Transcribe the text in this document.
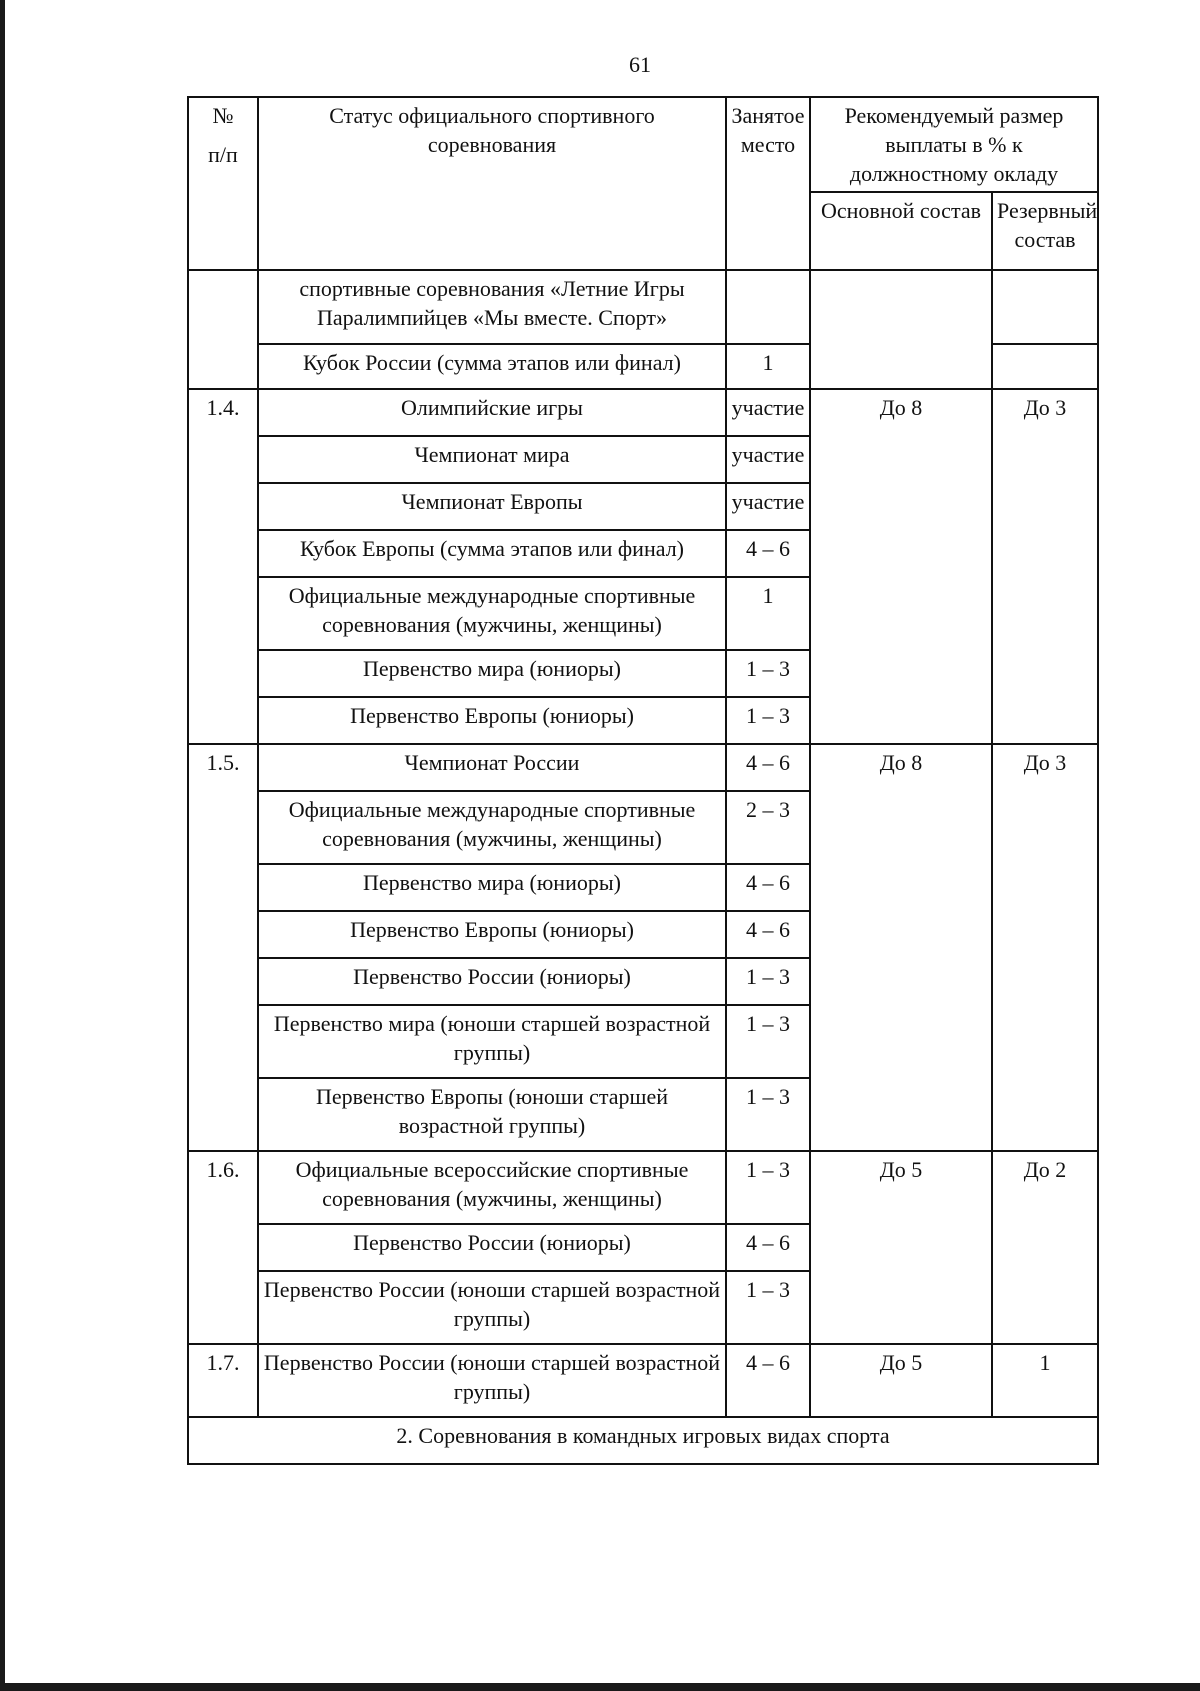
61
№
п/п	Статус официального спортивного соревнования	Занятое место	Рекомендуемый размер выплаты в % к должностному окладу	
			Основной состав	Резервный состав
	спортивные соревнования «Летние Игры Паралимпийцев «Мы вместе. Спорт»			
	Кубок России (сумма этапов или финал)	1		
1.4.	Олимпийские игры	участие	До 8	До 3
	Чемпионат мира	участие		
	Чемпионат Европы	участие		
	Кубок Европы (сумма этапов или финал)	4 – 6		
	Официальные международные спортивные соревнования (мужчины, женщины)	1		
	Первенство мира (юниоры)	1 – 3		
	Первенство Европы (юниоры)	1 – 3		
1.5.	Чемпионат России	4 – 6	До 8	До 3
	Официальные международные спортивные соревнования (мужчины, женщины)	2 – 3		
	Первенство мира (юниоры)	4 – 6		
	Первенство Европы (юниоры)	4 – 6		
	Первенство России (юниоры)	1 – 3		
	Первенство мира (юноши старшей возрастной группы)	1 – 3		
	Первенство Европы (юноши старшей возрастной группы)	1 – 3		
1.6.	Официальные всероссийские спортивные соревнования (мужчины, женщины)	1 – 3	До 5	До 2
	Первенство России (юниоры)	4 – 6		
	Первенство России (юноши старшей возрастной группы)	1 – 3		
1.7.	Первенство России (юноши старшей возрастной группы)	4 – 6	До 5	1
2. Соревнования в командных игровых видах спорта				
